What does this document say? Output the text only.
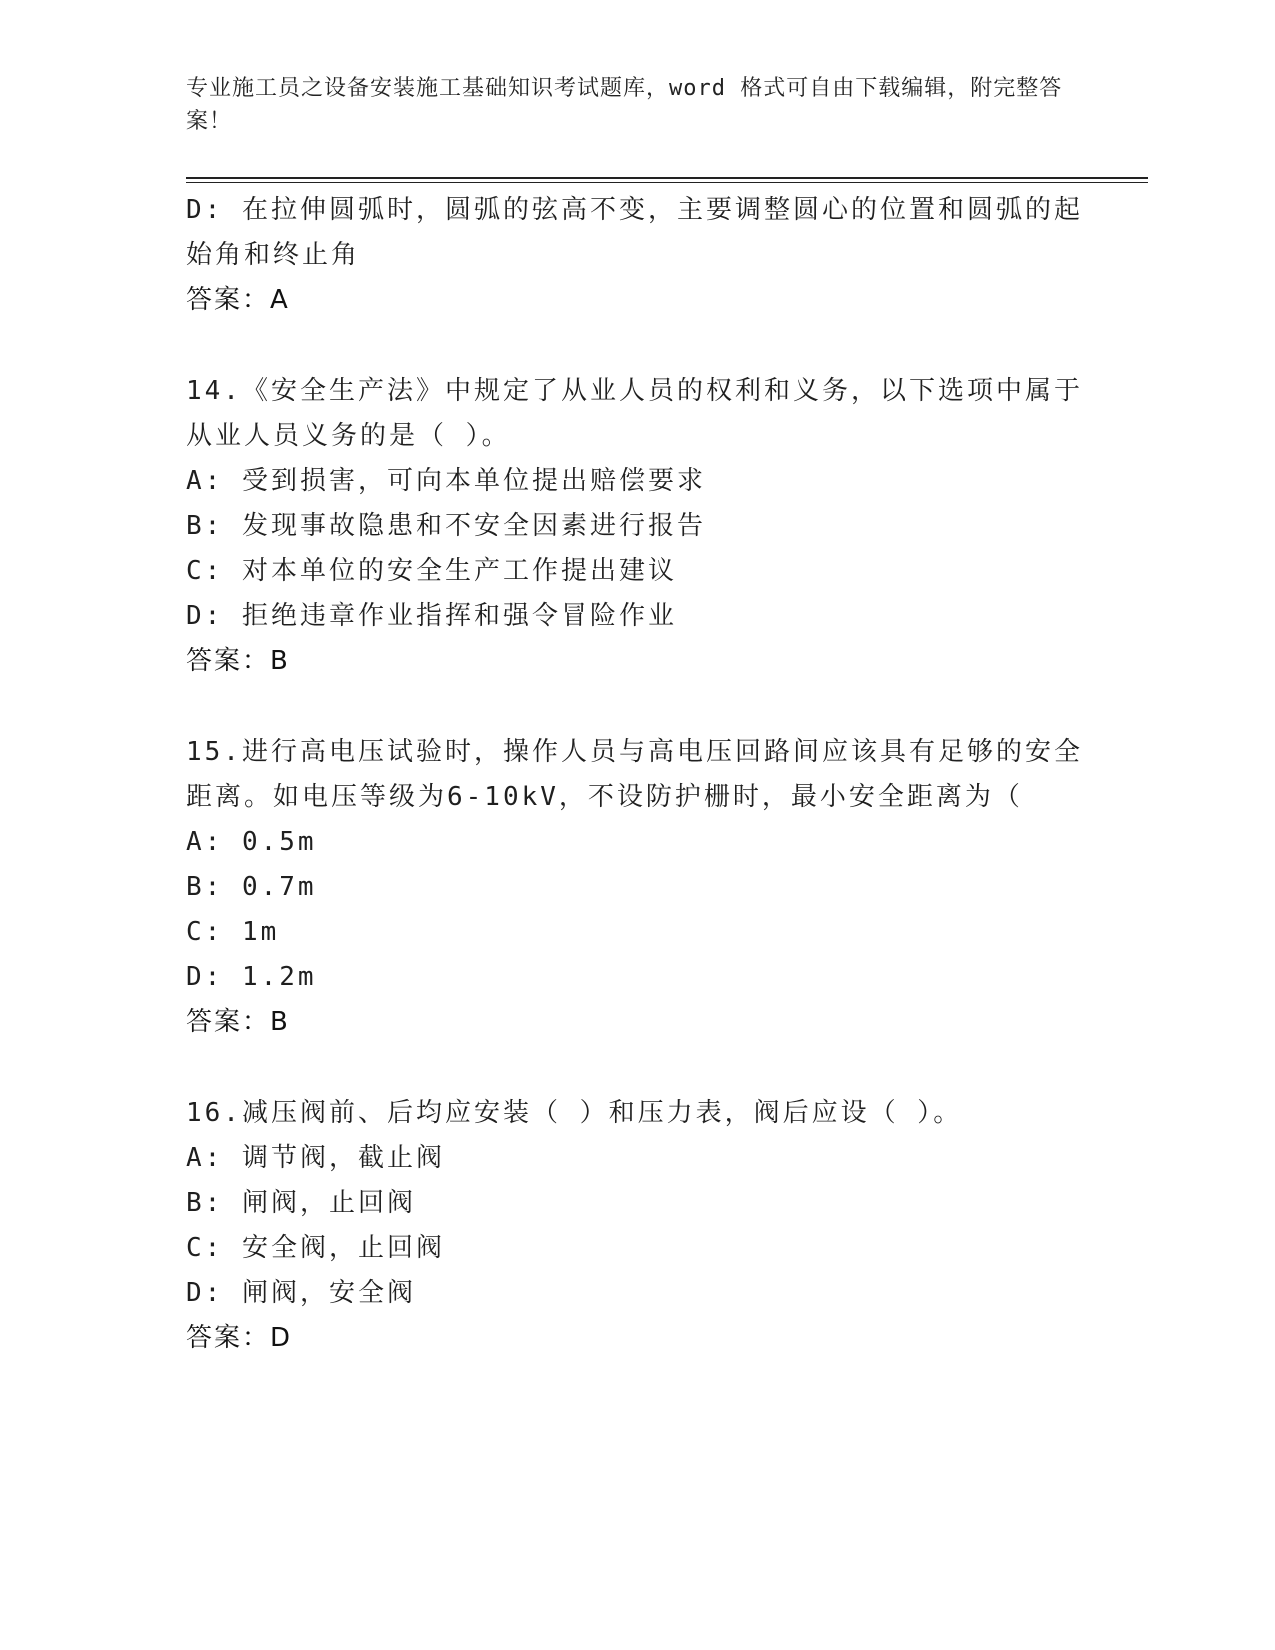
专业施工员之设备安装施工基础知识考试题库，word 格式可自由下载编辑，附完整答案！
D: 在拉伸圆弧时，圆弧的弦高不变，主要调整圆心的位置和圆弧的起
始角和终止角
答案：A
14.《安全生产法》中规定了从业人员的权利和义务，以下选项中属于
从业人员义务的是（ ）。
A: 受到损害，可向本单位提出赔偿要求
B: 发现事故隐患和不安全因素进行报告
C: 对本单位的安全生产工作提出建议
D: 拒绝违章作业指挥和强令冒险作业
答案：B
15.进行高电压试验时，操作人员与高电压回路间应该具有足够的安全
距离。如电压等级为6-10kV，不设防护栅时，最小安全距离为（
A: 0.5m
B: 0.7m
C: 1m
D: 1.2m
答案：B
16.减压阀前、后均应安装（ ）和压力表，阀后应设（ ）。
A: 调节阀，截止阀
B: 闸阀，止回阀
C: 安全阀，止回阀
D: 闸阀，安全阀
答案：D
